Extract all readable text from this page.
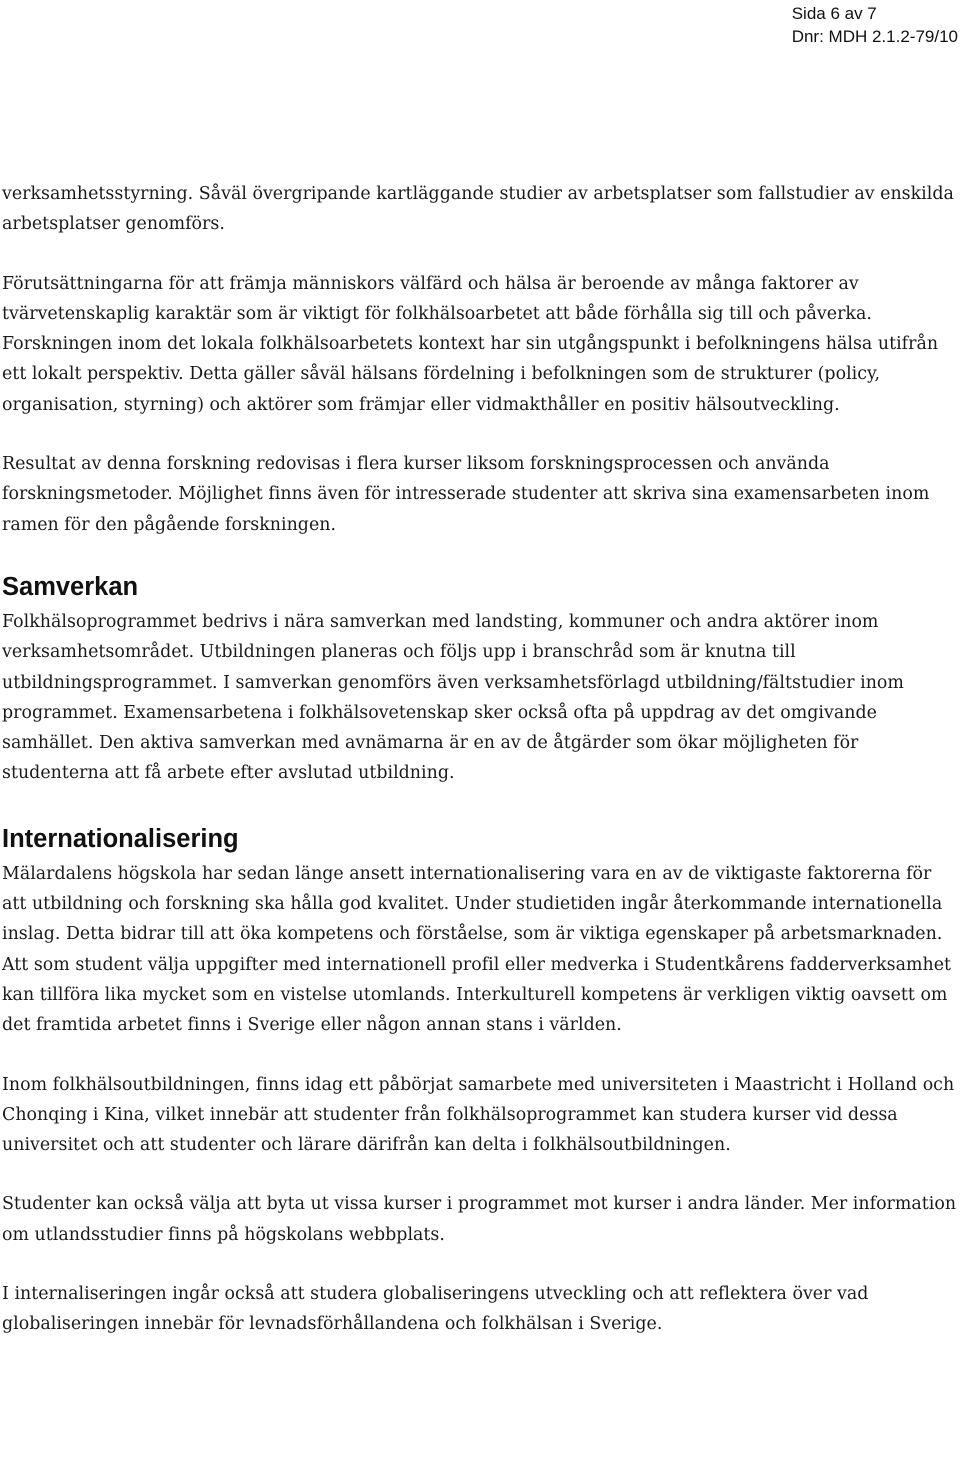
Sida 6 av 7
Dnr: MDH 2.1.2-79/10

verksamhetsstyrning. Såväl övergripande kartläggande studier av arbetsplatser som fallstudier av enskilda arbetsplatser genomförs.

Förutsättningarna för att främja människors välfärd och hälsa är beroende av många faktorer av tvärvetenskaplig karaktär som är viktigt för folkhälsoarbetet att både förhålla sig till och påverka. Forskningen inom det lokala folkhälsoarbetets kontext har sin utgångspunkt i befolkningens hälsa utifrån ett lokalt perspektiv. Detta gäller såväl hälsans fördelning i befolkningen som de strukturer (policy, organisation, styrning) och aktörer som främjar eller vidmakthåller en positiv hälsoutveckling.

Resultat av denna forskning redovisas i flera kurser liksom forskningsprocessen och använda forskningsmetoder. Möjlighet finns även för intresserade studenter att skriva sina examensarbeten inom ramen för den pågående forskningen.

Samverkan

Folkhälsoprogrammet bedrivs i nära samverkan med landsting, kommuner och andra aktörer inom verksamhetsområdet. Utbildningen planeras och följs upp i branschråd som är knutna till utbildningsprogrammet. I samverkan genomförs även verksamhetsförlagd utbildning/fältstudier inom programmet. Examensarbetena i folkhälsovetenskap sker också ofta på uppdrag av det omgivande samhället. Den aktiva samverkan med avnämarna är en av de åtgärder som ökar möjligheten för studenterna att få arbete efter avslutad utbildning.

Internationalisering

Mälardalens högskola har sedan länge ansett internationalisering vara en av de viktigaste faktorerna för att utbildning och forskning ska hålla god kvalitet. Under studietiden ingår återkommande internationella inslag. Detta bidrar till att öka kompetens och förståelse, som är viktiga egenskaper på arbetsmarknaden. Att som student välja uppgifter med internationell profil eller medverka i Studentkårens fadderverksamhet kan tillföra lika mycket som en vistelse utomlands. Interkulturell kompetens är verkligen viktig oavsett om det framtida arbetet finns i Sverige eller någon annan stans i världen.

Inom folkhälsoutbildningen, finns idag ett påbörjat samarbete med universiteten i Maastricht i Holland och Chonqing i Kina, vilket innebär att studenter från folkhälsoprogrammet kan studera kurser vid dessa universitet och att studenter och lärare därifrån kan delta i folkhälsoutbildningen.

Studenter kan också välja att byta ut vissa kurser i programmet mot kurser i andra länder. Mer information om utlandsstudier finns på högskolans webbplats.

I internaliseringen ingår också att studera globaliseringens utveckling och att reflektera över vad globaliseringen innebär för levnadsförhållandena och folkhälsan i Sverige.
